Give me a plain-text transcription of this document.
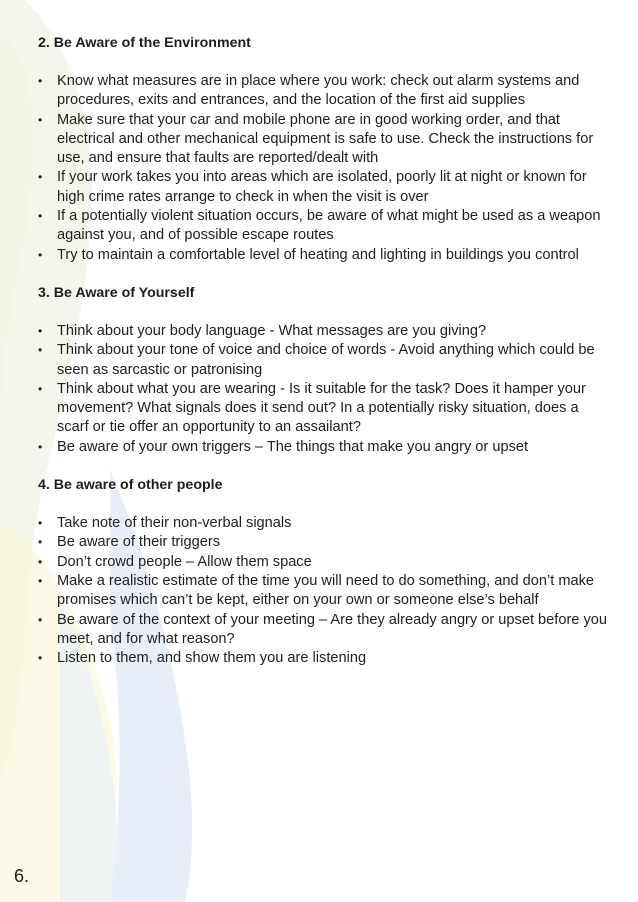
2. Be Aware of the Environment
• Know what measures are in place where you work: check out alarm systems and procedures, exits and entrances, and the location of the first aid supplies
• Make sure that your car and mobile phone are in good working order, and that electrical and other mechanical equipment is safe to use. Check the instructions for use, and ensure that faults are reported/dealt with
• If your work takes you into areas which are isolated, poorly lit at night or known for high crime rates arrange to check in when the visit is over
• If a potentially violent situation occurs, be aware of what might be used as a weapon against you, and of possible escape routes
• Try to maintain a comfortable level of heating and lighting in buildings you control
3. Be Aware of Yourself
• Think about your body language - What messages are you giving?
• Think about your tone of voice and choice of words - Avoid anything which could be seen as sarcastic or patronising
• Think about what you are wearing - Is it suitable for the task? Does it hamper your movement? What signals does it send out? In a potentially risky situation, does a scarf or tie offer an opportunity to an assailant?
• Be aware of your own triggers – The things that make you angry or upset
4. Be aware of other people
• Take note of their non-verbal signals
• Be aware of their triggers
• Don’t crowd people – Allow them space
• Make a realistic estimate of the time you will need to do something, and don’t make promises which can’t be kept, either on your own or someone else’s behalf
• Be aware of the context of your meeting – Are they already angry or upset before you meet, and for what reason?
• Listen to them, and show them you are listening
6.
